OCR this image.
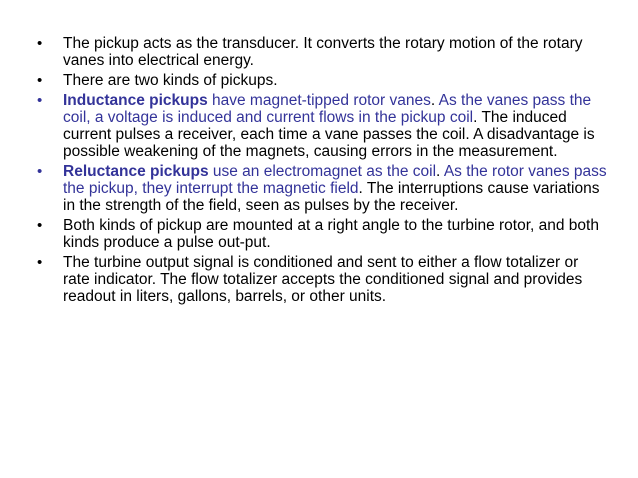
• The pickup acts as the transducer. It converts the rotary motion of the rotary vanes into electrical energy.
• There are two kinds of pickups.
• Inductance pickups have magnet-tipped rotor vanes. As the vanes pass the coil, a voltage is induced and current flows in the pickup coil. The induced current pulses a receiver, each time a vane passes the coil. A disadvantage is possible weakening of the magnets, causing errors in the measurement.
• Reluctance pickups use an electromagnet as the coil. As the rotor vanes pass the pickup, they interrupt the magnetic field. The interruptions cause variations in the strength of the field, seen as pulses by the receiver.
• Both kinds of pickup are mounted at a right angle to the turbine rotor, and both kinds produce a pulse out-put.
• The turbine output signal is conditioned and sent to either a flow totalizer or rate indicator. The flow totalizer accepts the conditioned signal and provides readout in liters, gallons, barrels, or other units.
